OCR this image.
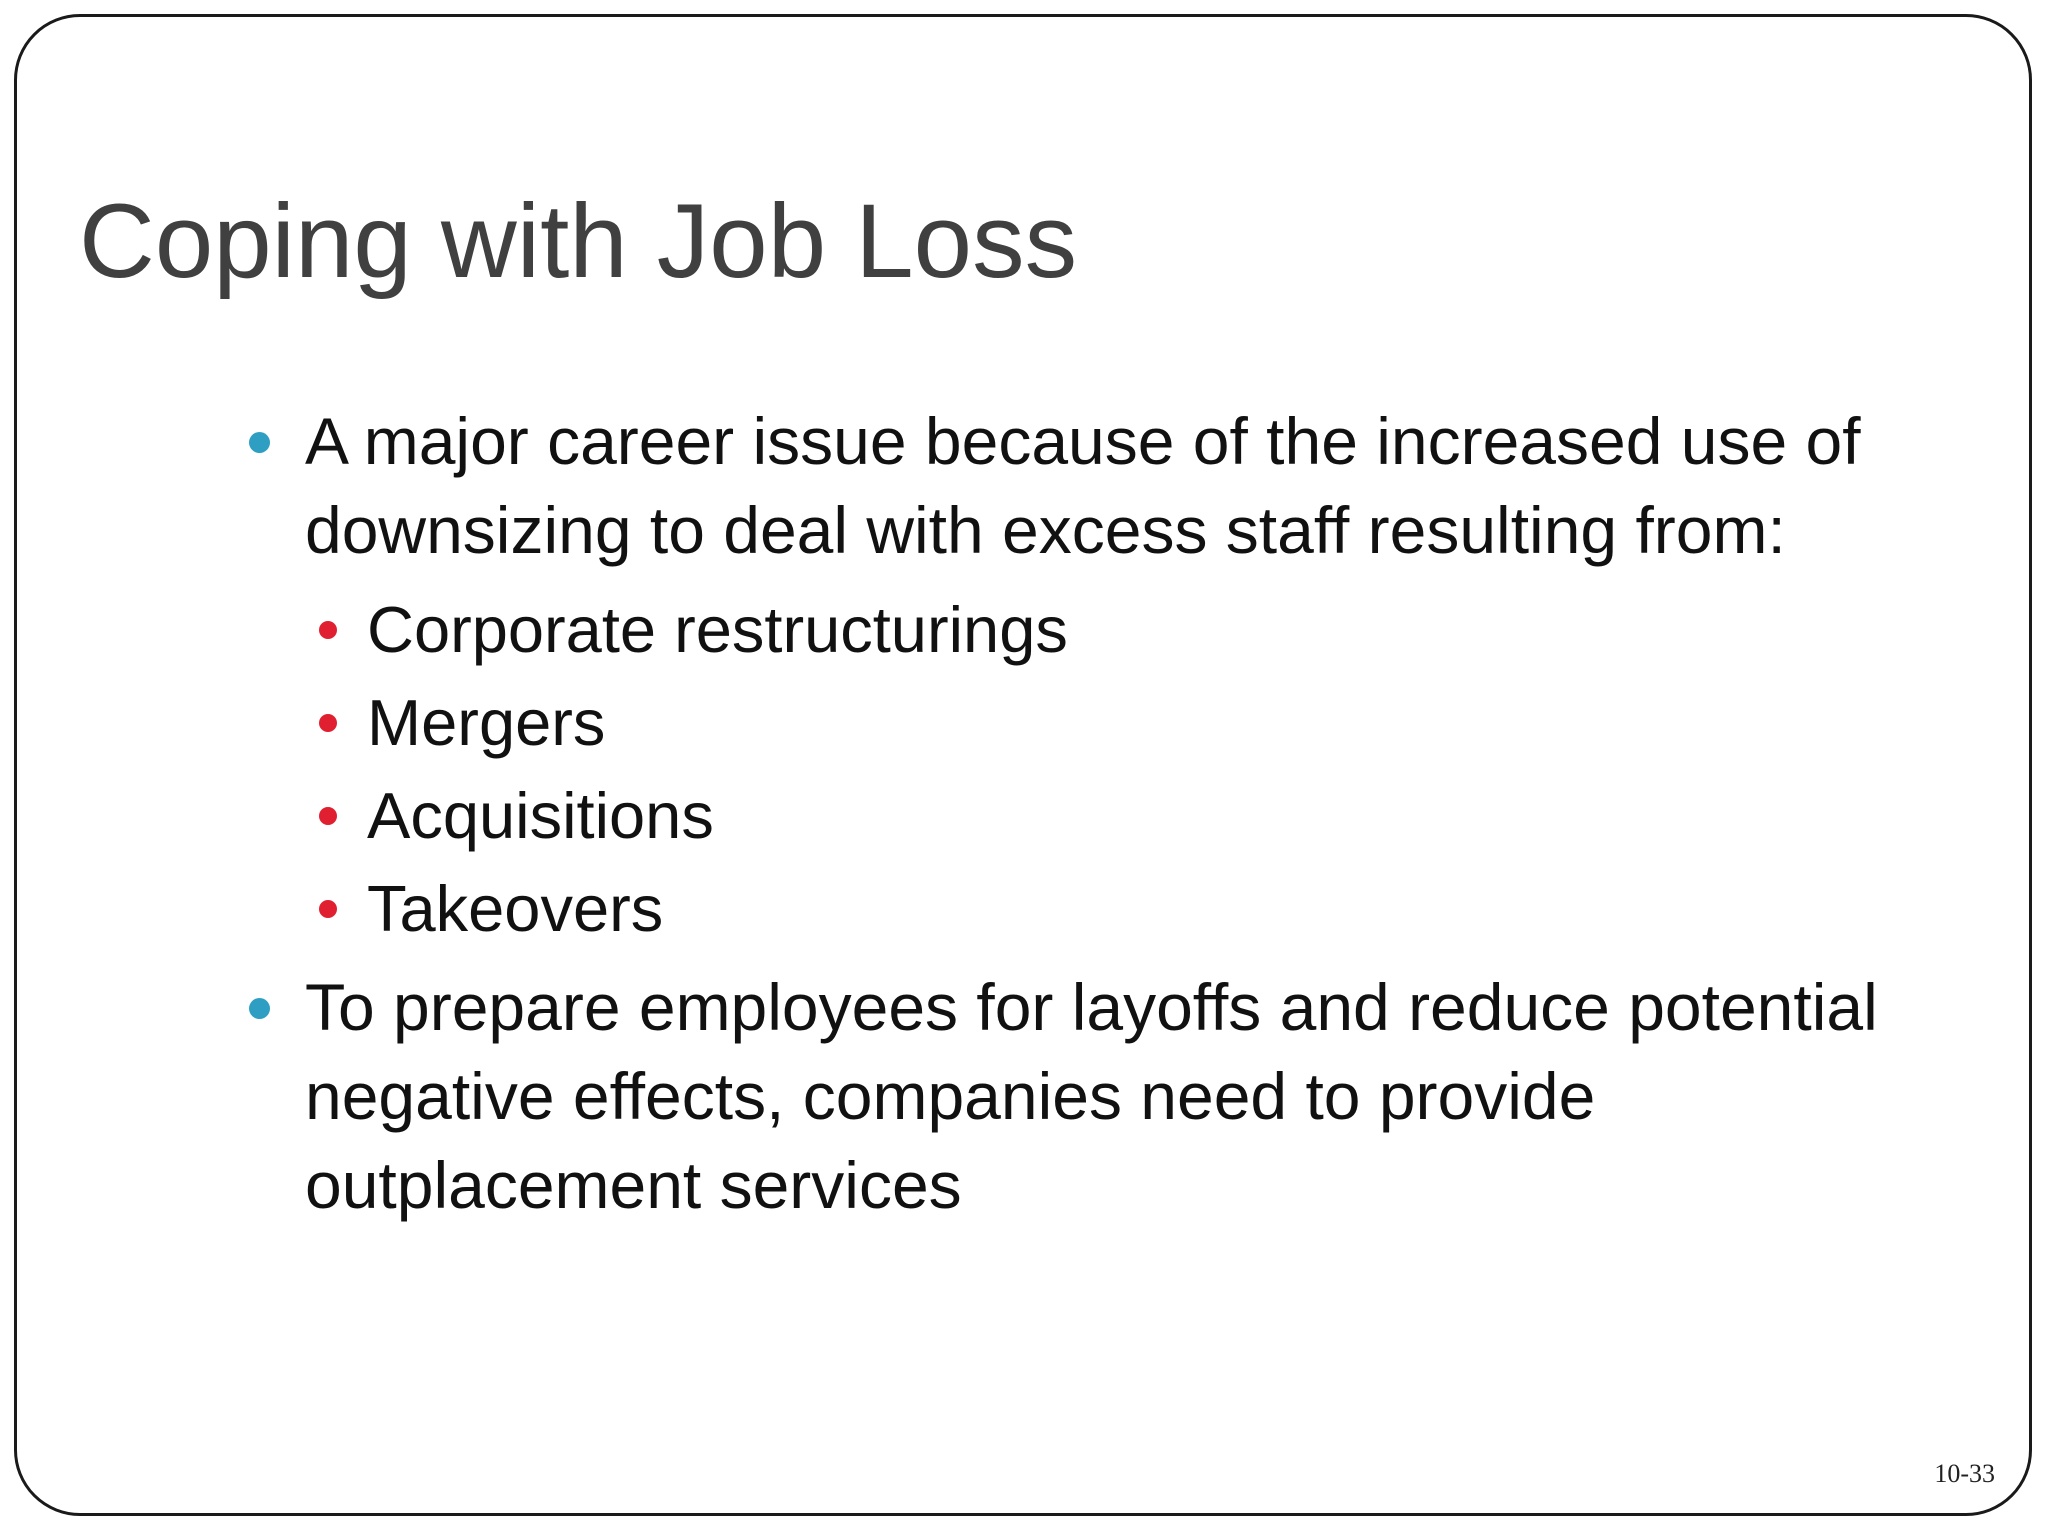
Coping with Job Loss
A major career issue because of the increased use of downsizing to deal with excess staff resulting from:
Corporate restructurings
Mergers
Acquisitions
Takeovers
To prepare employees for layoffs and reduce potential negative effects, companies need to provide outplacement services
10-33
